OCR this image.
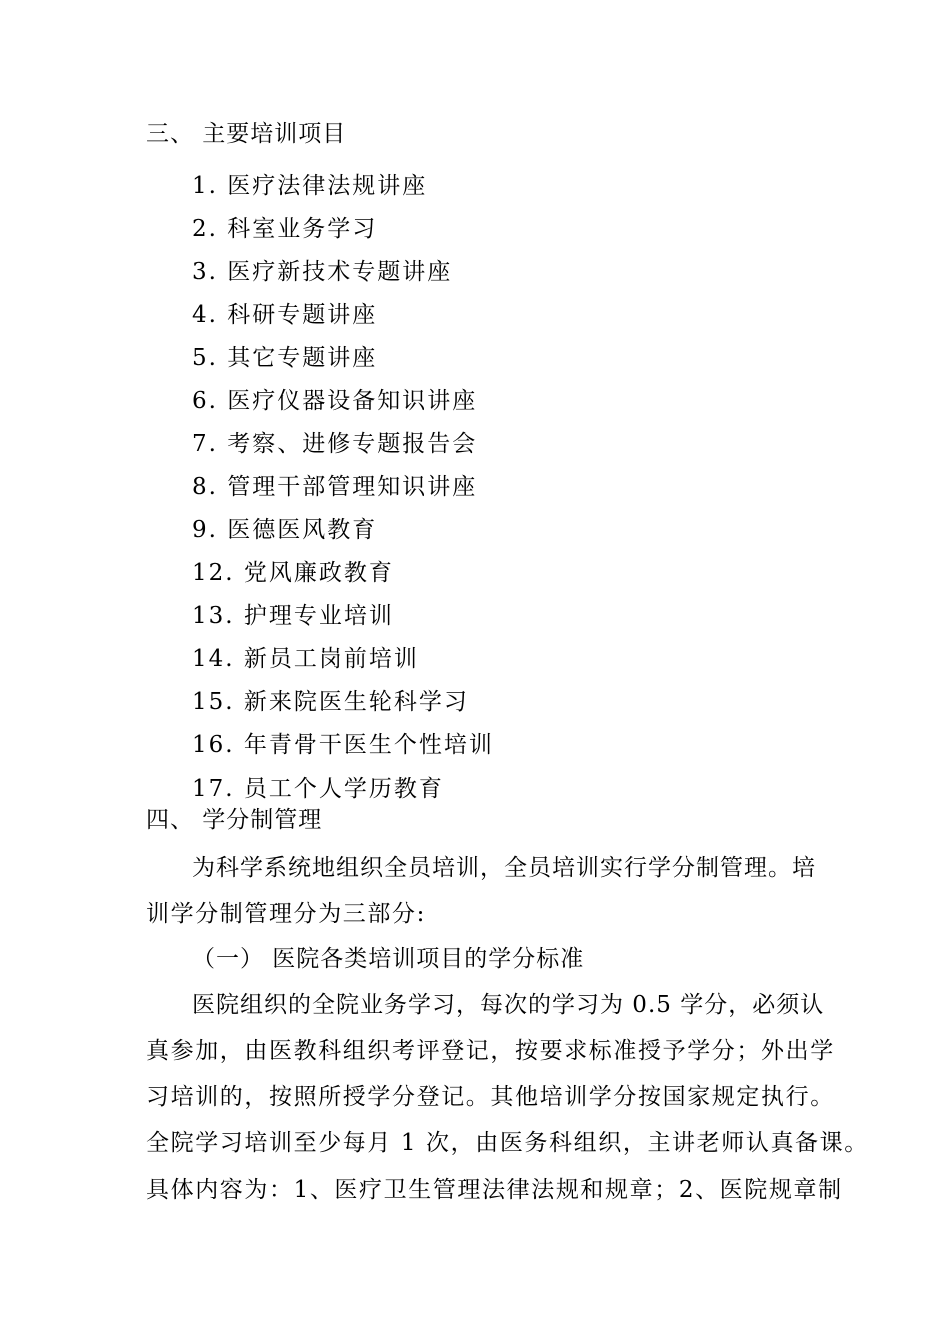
三、 主要培训项目
1. 医疗法律法规讲座
2. 科室业务学习
3. 医疗新技术专题讲座
4. 科研专题讲座
5. 其它专题讲座
6. 医疗仪器设备知识讲座
7. 考察、进修专题报告会
8. 管理干部管理知识讲座
9. 医德医风教育
12. 党风廉政教育
13. 护理专业培训
14. 新员工岗前培训
15. 新来院医生轮科学习
16. 年青骨干医生个性培训
17. 员工个人学历教育
四、 学分制管理
为科学系统地组织全员培训，全员培训实行学分制管理。培
训学分制管理分为三部分:
（一） 医院各类培训项目的学分标准
医院组织的全院业务学习，每次的学习为 0.5 学分，必须认
真参加，由医教科组织考评登记，按要求标准授予学分；外出学
习培训的，按照所授学分登记。其他培训学分按国家规定执行。
全院学习培训至少每月 1 次，由医务科组织，主讲老师认真备课。
具体内容为：1、医疗卫生管理法律法规和规章；2、医院规章制
